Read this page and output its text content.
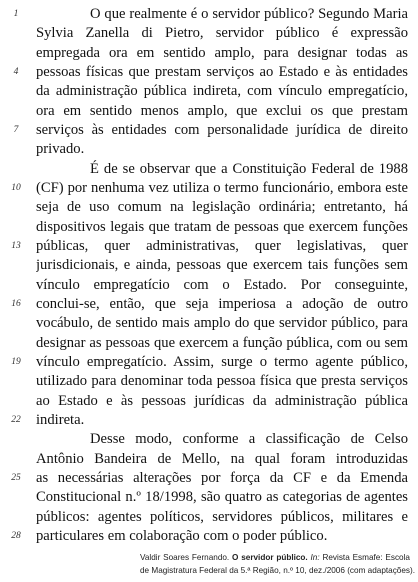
1
4
7
10
13
16
19
22
25
28
O que realmente é o servidor público? Segundo Maria
Sylvia Zanella di Pietro, servidor público é expressão
empregada ora em sentido amplo, para designar todas as
pessoas físicas que prestam serviços ao Estado e às entidades
da administração pública indireta, com vínculo empregatício,
ora em sentido menos amplo, que exclui os que prestam
serviços às entidades com personalidade jurídica de direito
privado.
É de se observar que a Constituição Federal de 1988
(CF) por nenhuma vez utiliza o termo funcionário, embora este
seja de uso comum na legislação ordinária; entretanto, há
dispositivos legais que tratam de pessoas que exercem funções
públicas, quer administrativas, quer legislativas, quer
jurisdicionais, e ainda, pessoas que exercem tais funções sem
vínculo empregatício com o Estado. Por conseguinte,
conclui-se, então, que seja imperiosa a adoção de outro
vocábulo, de sentido mais amplo do que servidor público, para
designar as pessoas que exercem a função pública, com ou sem
vínculo empregatício. Assim, surge o termo agente público,
utilizado para denominar toda pessoa física que presta serviços
ao Estado e às pessoas jurídicas da administração pública
indireta.
Desse modo, conforme a classificação de Celso
Antônio Bandeira de Mello, na qual foram introduzidas
as necessárias alterações por força da CF e da Emenda
Constitucional n.º 18/1998, são quatro as categorias de agentes
públicos: agentes políticos, servidores públicos, militares e
particulares em colaboração com o poder público.
Valdir Soares Fernando. O servidor público. In: Revista Esmafe: Escola
de Magistratura Federal da 5.ª Região, n.º 10, dez./2006 (com adaptações).
